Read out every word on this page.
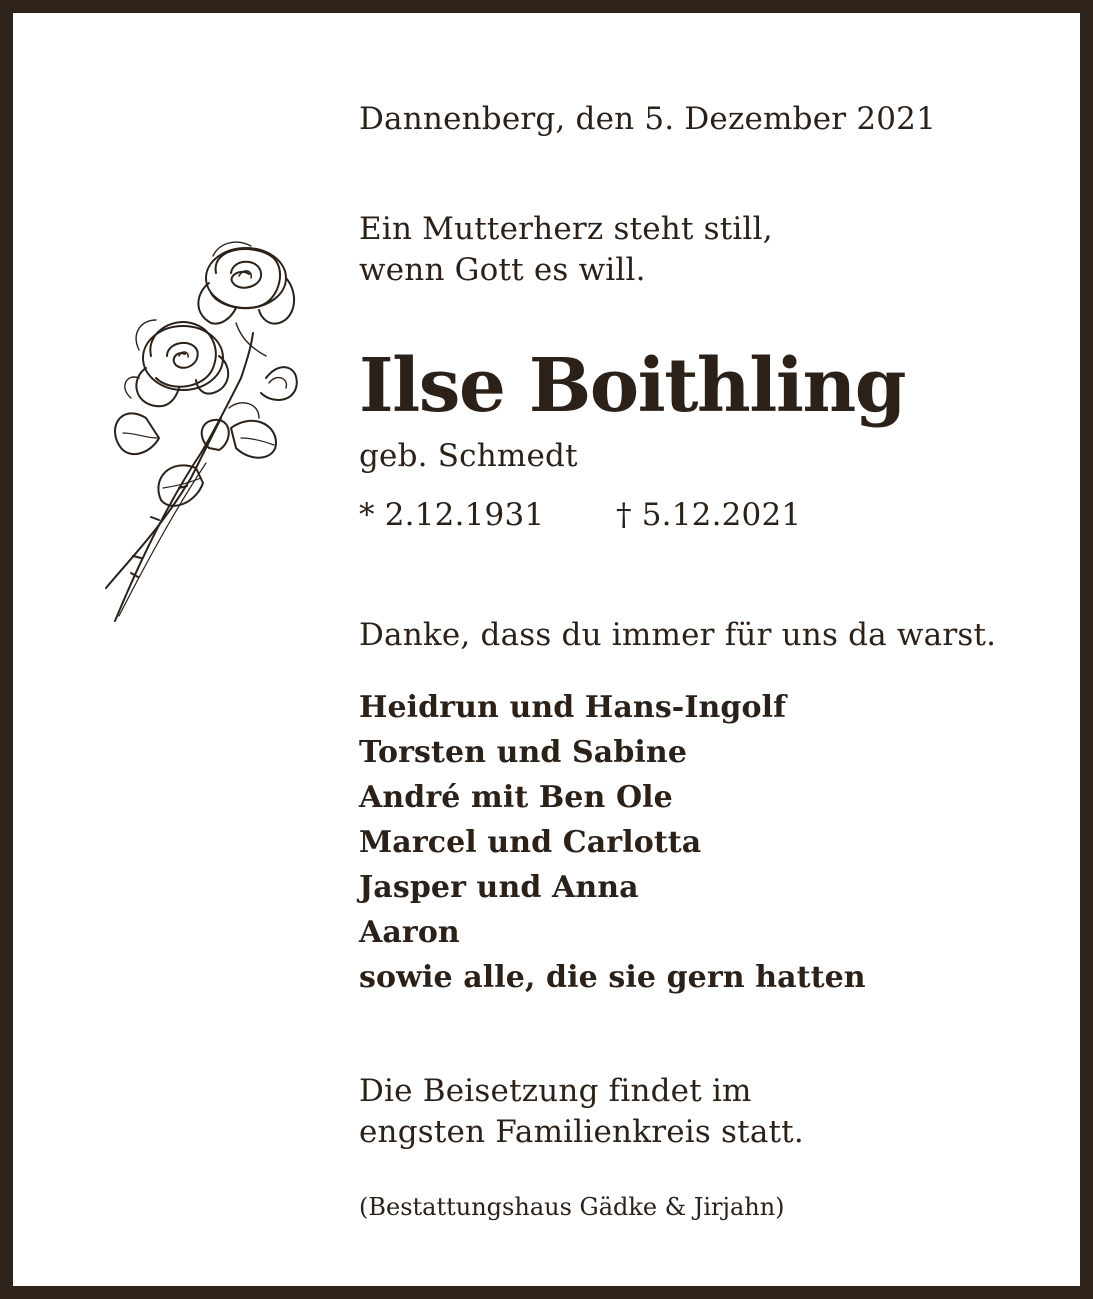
Dannenberg, den 5. Dezember 2021

Ein Mutterherz steht still,
wenn Gott es will.

Ilse Boithling

geb. Schmedt

* 2.12.1931 † 5.12.2021

Danke, dass du immer für uns da warst.

Heidrun und Hans-Ingolf
Torsten und Sabine
André mit Ben Ole
Marcel und Carlotta
Jasper und Anna
Aaron
sowie alle, die sie gern hatten

Die Beisetzung findet im
engsten Familienkreis statt.

(Bestattungshaus Gädke & Jirjahn)
